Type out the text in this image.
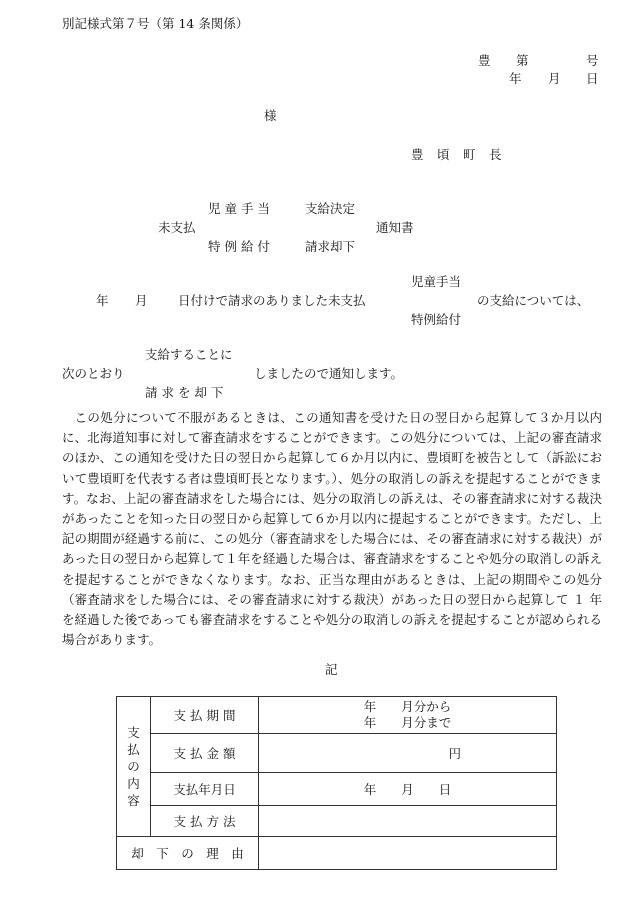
別記様式第７号（第 14 条関係）
豊 第	号
年 月 日
様
豊 頃 町 長
児 童 手 当	支給決定
未支払	通知書
特 例 給 付	請求却下
児童手当
年 月 日付けで請求のありました未支払	の支給については、
特例給付
支給することに
次のとおり	しましたので通知します。
請 求 を 却 下

この処分について不服があるときは、この通知書を受けた日の翌日から起算して３か月以内に、北海道知事に対して審査請求をすることができます。この処分については、上記の審査請求のほか、この通知を受けた日の翌日から起算して６か月以内に、豊頃町を被告として（訴訟において豊頃町を代表する者は豊頃町長となります。）、処分の取消しの訴えを提起することができます。なお、上記の審査請求をした場合には、処分の取消しの訴えは、その審査請求に対する裁決があったことを知った日の翌日から起算して６か月以内に提起することができます。ただし、上記の期間が経過する前に、この処分（審査請求をした場合には、その審査請求に対する裁決）があった日の翌日から起算して１年を経過した場合は、審査請求をすることや処分の取消しの訴えを提起することができなくなります。なお、正当な理由があるときは、上記の期間やこの処分（審査請求をした場合には、その審査請求に対する裁決）があった日の翌日から起算して １ 年を経過した後であっても審査請求をすることや処分の取消しの訴えを提起することが認められる場合があります。

記
支払の内容	支 払 期 間	年　　月分から
年　　月分まで

	支 払 金 額	円
	支払年月日	年　　月　　日
	支 払 方 法	
却　下　の　理　由		
